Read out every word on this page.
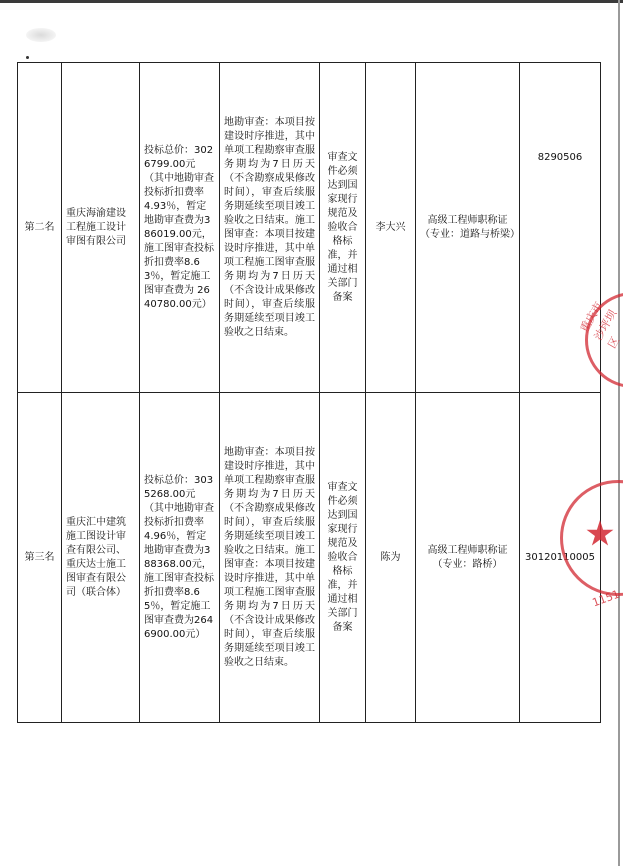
第二名	重庆海渝建设工程施工设计审图有限公司	投标总价：3026799.00元（其中地勘审查投标折扣费率 4.93％，暂定地勘审查费为386019.00元，施工图审查投标折扣费率8.63％，暂定施工图审查费为 2640780.00元）	地勘审查：本项目按建设时序推进，其中单项工程勘察审查服务期均为7日历天（不含勘察成果修改时间），审查后续服务期延续至项目竣工验收之日结束。施工图审查：本项目按建设时序推进，其中单项工程施工图审查服务期均为7日历天（不含设计成果修改时间），审查后续服务期延续至项目竣工验收之日结束。	审查文件必须达到国家现行规范及验收合格标准，并通过相关部门备案	李大兴	高级工程师职称证（专业：道路与桥梁）	8290506

第三名	重庆汇中建筑施工图设计审查有限公司、重庆达士施工图审查有限公司（联合体）	投标总价：3035268.00元（其中地勘审查投标折扣费率 4.96％，暂定地勘审查费为388368.00元，施工图审查投标折扣费率8.65％，暂定施工图审查费为2646900.00元）	地勘审查：本项目按建设时序推进，其中单项工程勘察审查服务期均为7日历天（不含勘察成果修改时间），审查后续服务期延续至项目竣工验收之日结束。施工图审查：本项目按建设时序推进，其中单项工程施工图审查服务期均为7日历天（不含设计成果修改时间），审查后续服务期延续至项目竣工验收之日结束。	审查文件必须达到国家现行规范及验收合格标准，并通过相关部门备案	陈为	高级工程师职称证（专业：路桥）	30120110005
重庆市沙坪坝区
1151
